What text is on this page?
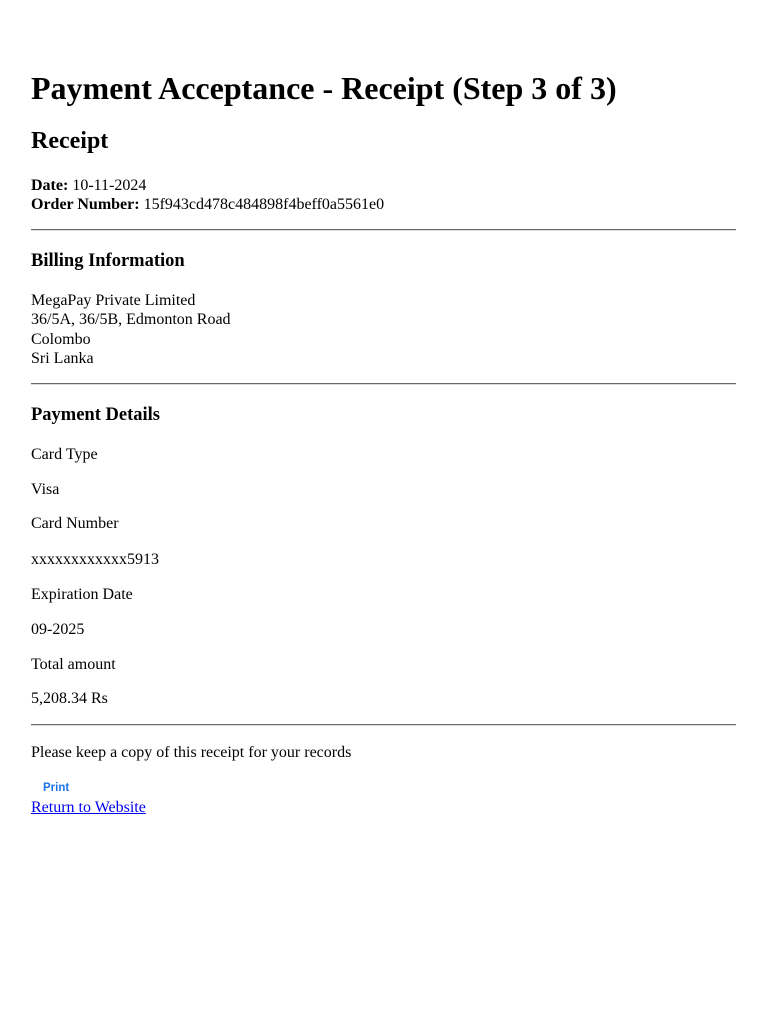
Payment Acceptance - Receipt (Step 3 of 3)
Receipt
Date: 10-11-2024
Order Number: 15f943cd478c484898f4beff0a5561e0
Billing Information
MegaPay Private Limited
36/5A, 36/5B, Edmonton Road
Colombo
Sri Lanka
Payment Details

Card Type

Visa

Card Number

xxxxxxxxxxxx5913

Expiration Date

09-2025

Total amount

5,208.34 Rs

Please keep a copy of this receipt for your records

Print
Return to Website
